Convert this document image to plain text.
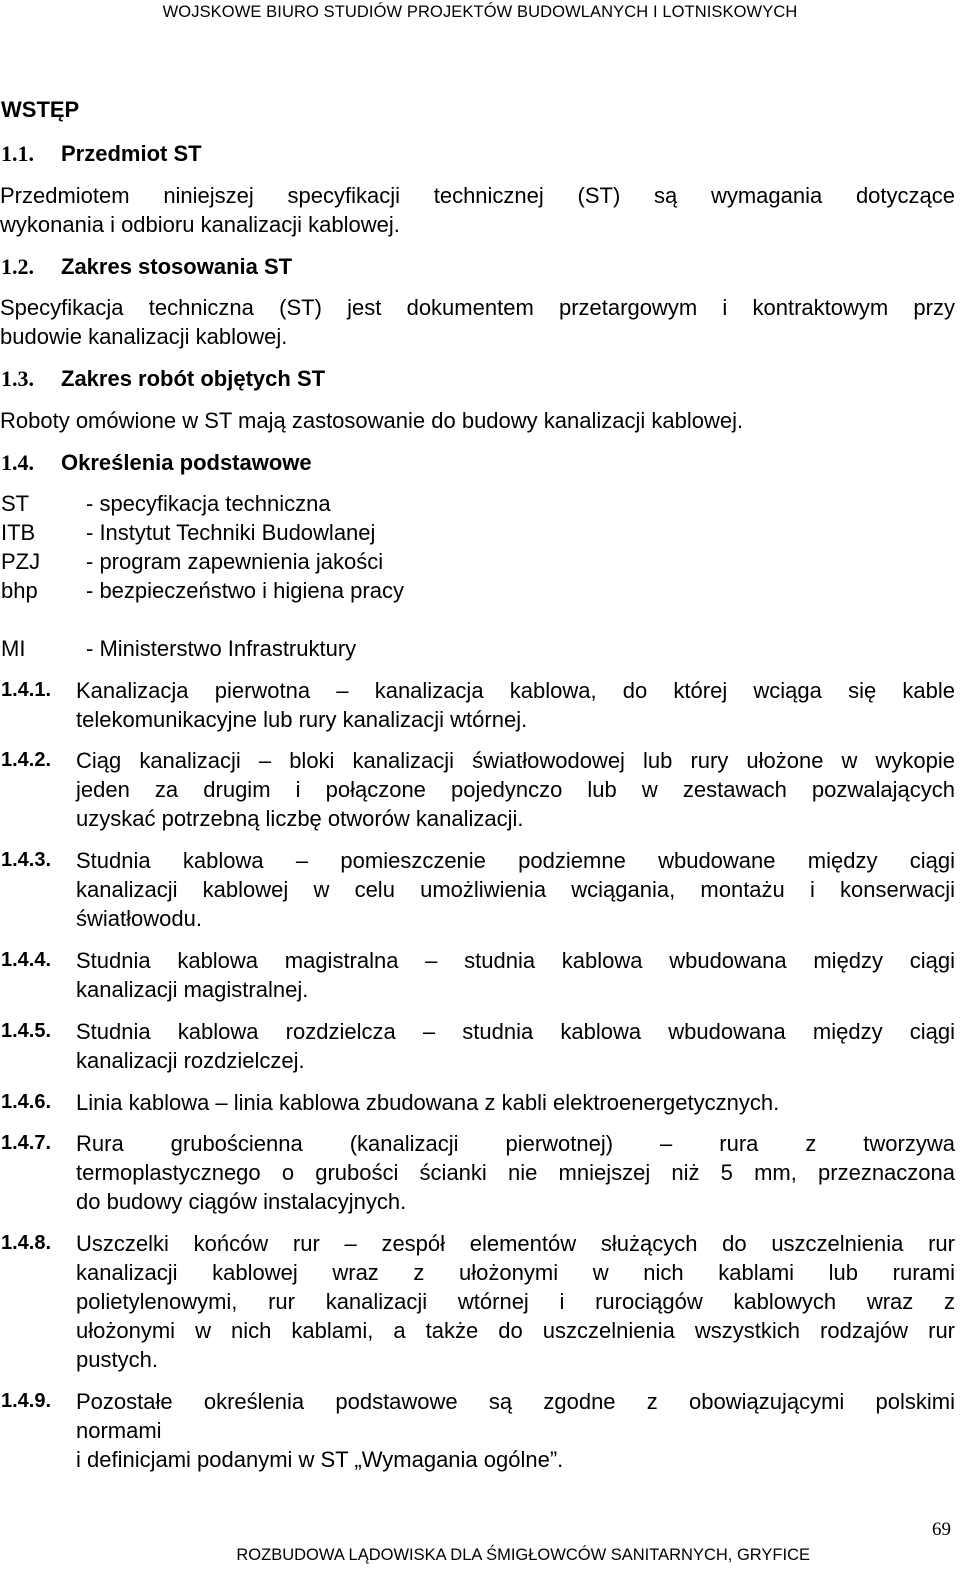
WOJSKOWE BIURO STUDIÓW PROJEKTÓW BUDOWLANYCH I LOTNISKOWYCH
WSTĘP
1.1. Przedmiot ST
Przedmiotem niniejszej specyfikacji technicznej (ST) są wymagania dotyczące
wykonania i odbioru kanalizacji kablowej.
1.2. Zakres stosowania ST
Specyfikacja techniczna (ST) jest dokumentem przetargowym i kontraktowym przy
budowie kanalizacji kablowej.
1.3. Zakres robót objętych ST
Roboty omówione w ST mają zastosowanie do budowy kanalizacji kablowej.
1.4. Określenia podstawowe
ST	- specyfikacja techniczna
ITB - Instytut Techniki Budowlanej
PZJ - program zapewnienia jakości
bhp - bezpieczeństwo i higiena pracy
MI	- Ministerstwo Infrastruktury
1.4.1. Kanalizacja pierwotna – kanalizacja kablowa, do której wciąga się kable
telekomunikacyjne lub rury kanalizacji wtórnej.
1.4.2. Ciąg kanalizacji – bloki kanalizacji światłowodowej lub rury ułożone w wykopie
jeden za drugim i połączone pojedynczo lub w zestawach pozwalających
uzyskać potrzebną liczbę otworów kanalizacji.
1.4.3. Studnia kablowa – pomieszczenie podziemne wbudowane między ciągi
kanalizacji kablowej w celu umożliwienia wciągania, montażu i konserwacji
światłowodu.
1.4.4. Studnia kablowa magistralna – studnia kablowa wbudowana między ciągi
kanalizacji magistralnej.
1.4.5. Studnia kablowa rozdzielcza – studnia kablowa wbudowana między ciągi
kanalizacji rozdzielczej.
1.4.6. Linia kablowa – linia kablowa zbudowana z kabli elektroenergetycznych.
1.4.7. Rura grubościenna (kanalizacji pierwotnej) – rura z tworzywa
termoplastycznego o grubości ścianki nie mniejszej niż 5 mm, przeznaczona
do budowy ciągów instalacyjnych.
1.4.8. Uszczelki końców rur – zespół elementów służących do uszczelnienia rur
kanalizacji kablowej wraz z ułożonymi w nich kablami lub rurami
polietylenowymi, rur kanalizacji wtórnej i rurociągów kablowych wraz z
ułożonymi w nich kablami, a także do uszczelnienia wszystkich rodzajów rur
pustych.
1.4.9. Pozostałe określenia podstawowe są zgodne z obowiązującymi polskimi
normami
i definicjami podanymi w ST „Wymagania ogólne”.
69
ROZBUDOWA LĄDOWISKA DLA ŚMIGŁOWCÓW SANITARNYCH, GRYFICE
